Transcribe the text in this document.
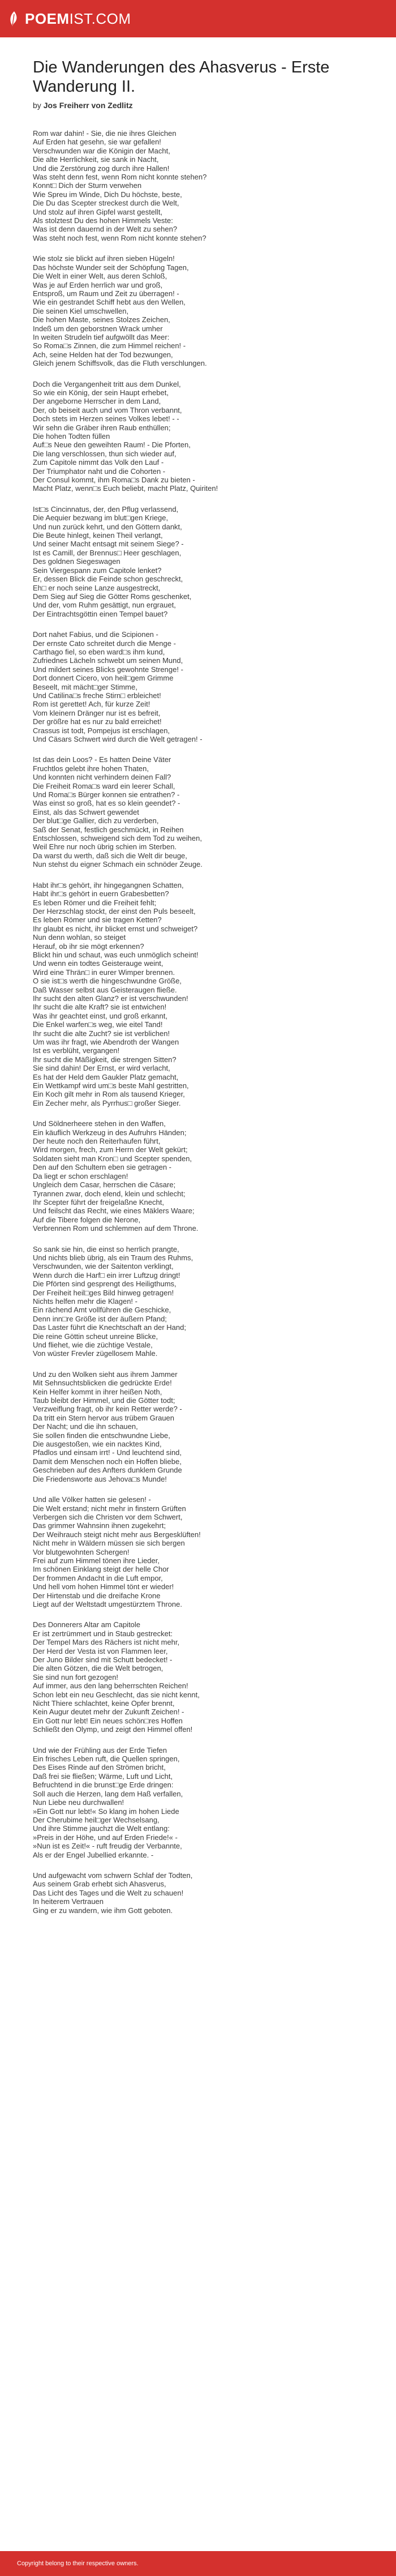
POEMIST.COM
Die Wanderungen des Ahasverus - Erste Wanderung II.

by Jos Freiherr von Zedlitz

Rom war dahin! - Sie, die nie ihres Gleichen
Auf Erden hat gesehn, sie war gefallen!
Verschwunden war die Königin der Macht,
Die alte Herrlichkeit, sie sank in Nacht,
Und die Zerstörung zog durch ihre Hallen!
Was steht denn fest, wenn Rom nicht konnte stehen?
Konnt□ Dich der Sturm verwehen
Wie Spreu im Winde, Dich Du höchste, beste,
Die Du das Scepter streckest durch die Welt,
Und stolz auf ihren Gipfel warst gestellt,
Als stolztest Du des hohen Himmels Veste:
Was ist denn dauernd in der Welt zu sehen?
Was steht noch fest, wenn Rom nicht konnte stehen?
Wie stolz sie blickt auf ihren sieben Hügeln!
Das höchste Wunder seit der Schöpfung Tagen,
Die Welt in einer Welt, aus deren Schloß,
Was je auf Erden herrlich war und groß,
Entsproß, um Raum und Zeit zu überragen! -
Wie ein gestrandet Schiff hebt aus den Wellen,
Die seinen Kiel umschwellen,
Die hohen Maste, seines Stolzes Zeichen,
Indeß um den geborstnen Wrack umher
In weiten Strudeln tief aufgwöllt das Meer:
So Roma□s Zinnen, die zum Himmel reichen! -
Ach, seine Helden hat der Tod bezwungen,
Gleich jenem Schiffsvolk, das die Fluth verschlungen.
Doch die Vergangenheit tritt aus dem Dunkel,
So wie ein König, der sein Haupt erhebet,
Der angeborne Herrscher in dem Land,
Der, ob beiseit auch und vom Thron verbannt,
Doch stets im Herzen seines Volkes lebet! - -
Wir sehn die Gräber ihren Raub enthüllen;
Die hohen Todten füllen
Auf□s Neue den geweihten Raum! - Die Pforten,
Die lang verschlossen, thun sich wieder auf,
Zum Capitole nimmt das Volk den Lauf -
Der Triumphator naht und die Cohorten -
Der Consul kommt, ihm Roma□s Dank zu bieten -
Macht Platz, wenn□s Euch beliebt, macht Platz, Quiriten!
Ist□s Cincinnatus, der, den Pflug verlassend,
Die Aequier bezwang im blut□gen Kriege,
Und nun zurück kehrt, und den Göttern dankt,
Die Beute hinlegt, keinen Theil verlangt,
Und seiner Macht entsagt mit seinem Siege? -
Ist es Camill, der Brennus□ Heer geschlagen,
Des goldnen Siegeswagen
Sein Viergespann zum Capitole lenket?
Er, dessen Blick die Feinde schon geschreckt,
Eh□ er noch seine Lanze ausgestreckt,
Dem Sieg auf Sieg die Götter Roms geschenket,
Und der, vom Ruhm gesättigt, nun ergrauet,
Der Eintrachtsgöttin einen Tempel bauet?
Dort nahet Fabius, und die Scipionen -
Der ernste Cato schreitet durch die Menge -
Carthago fiel, so eben ward□s ihm kund,
Zufriednes Lächeln schwebt um seinen Mund,
Und mildert seines Blicks gewohnte Strenge! -
Dort donnert Cicero, von heil□gem Grimme
Beseelt, mit mächt□ger Stimme,
Und Catilina□s freche Stirn□ erbleichet!
Rom ist gerettet! Ach, für kurze Zeit!
Vom kleinern Dränger nur ist es befreit,
Der größre hat es nur zu bald erreichet!
Crassus ist todt, Pompejus ist erschlagen,
Und Cäsars Schwert wird durch die Welt getragen! -
Ist das dein Loos? - Es hatten Deine Väter
Fruchtlos gelebt ihre hohen Thaten,
Und konnten nicht verhindern deinen Fall?
Die Freiheit Roma□s ward ein leerer Schall,
Und Roma□s Bürger konnen sie entrathen? -
Was einst so groß, hat es so klein geendet? -
Einst, als das Schwert gewendet
Der blut□ge Gallier, dich zu verderben,
Saß der Senat, festlich geschmückt, in Reihen
Entschlossen, schweigend sich dem Tod zu weihen,
Weil Ehre nur noch übrig schien im Sterben.
Da warst du werth, daß sich die Welt dir beuge,
Nun stehst du eigner Schmach ein schnöder Zeuge.
Habt ihr□s gehört, ihr hingegangnen Schatten,
Habt ihr□s gehört in euern Grabesbetten?
Es leben Römer und die Freiheit fehlt;
Der Herzschlag stockt, der einst den Puls beseelt,
Es leben Römer und sie tragen Ketten?
Ihr glaubt es nicht, ihr blicket ernst und schweiget?
Nun denn wohlan, so steiget
Herauf, ob ihr sie mögt erkennen?
Blickt hin und schaut, was euch unmöglich scheint!
Und wenn ein todtes Geisterauge weint,
Wird eine Thrän□ in eurer Wimper brennen.
O sie ist□s werth die hingeschwundne Größe,
Daß Wasser selbst aus Geisteraugen fließe.
Ihr sucht den alten Glanz? er ist verschwunden!
Ihr sucht die alte Kraft? sie ist entwichen!
Was ihr geachtet einst, und groß erkannt,
Die Enkel warfen□s weg, wie eitel Tand!
Ihr sucht die alte Zucht? sie ist verblichen!
Um was ihr fragt, wie Abendroth der Wangen
Ist es verblüht, vergangen!
Ihr sucht die Mäßigkeit, die strengen Sitten?
Sie sind dahin! Der Ernst, er wird verlacht,
Es hat der Held dem Gaukler Platz gemacht,
Ein Wettkampf wird um□s beste Mahl gestritten,
Ein Koch gilt mehr in Rom als tausend Krieger,
Ein Zecher mehr, als Pyrrhus□ großer Sieger.
Und Söldnerheere stehen in den Waffen,
Ein käuflich Werkzeug in des Aufruhrs Händen;
Der heute noch den Reiterhaufen führt,
Wird morgen, frech, zum Herrn der Welt gekürt;
Soldaten sieht man Kron□ und Scepter spenden,
Den auf den Schultern eben sie getragen -
Da liegt er schon erschlagen!
Ungleich dem Casar, herrschen die Cäsare;
Tyrannen zwar, doch elend, klein und schlecht;
Ihr Scepter führt der freigelaßne Knecht,
Und feilscht das Recht, wie eines Mäklers Waare;
Auf die Tibere folgen die Nerone,
Verbrennen Rom und schlemmen auf dem Throne.
So sank sie hin, die einst so herrlich prangte,
Und nichts blieb übrig, als ein Traum des Ruhms,
Verschwunden, wie der Saitenton verklingt,
Wenn durch die Harf□ ein irrer Luftzug dringt!
Die Pförten sind gesprengt des Heiligthums,
Der Freiheit heil□ges Bild hinweg getragen!
Nichts helfen mehr die Klagen! -
Ein rächend Amt vollführen die Geschicke,
Denn inn□re Größe ist der äußern Pfand;
Das Laster führt die Knechtschaft an der Hand;
Die reine Göttin scheut unreine Blicke,
Und fliehet, wie die züchtige Vestale,
Von wüster Frevler zügellosem Mahle.
Und zu den Wolken sieht aus ihrem Jammer
Mit Sehnsuchtsblicken die gedrückte Erde!
Kein Helfer kommt in ihrer heißen Noth,
Taub bleibt der Himmel, und die Götter todt;
Verzweiflung fragt, ob ihr kein Retter werde? -
Da tritt ein Stern hervor aus trübem Grauen
Der Nacht; und die ihn schauen,
Sie sollen finden die entschwundne Liebe,
Die ausgestoßen, wie ein nacktes Kind,
Pfadlos und einsam irrt! - Und leuchtend sind,
Damit dem Menschen noch ein Hoffen bliebe,
Geschrieben auf des Anfters dunklem Grunde
Die Friedensworte aus Jehova□s Munde!
Und alle Völker hatten sie gelesen! -
Die Welt erstand; nicht mehr in finstern Grüften
Verbergen sich die Christen vor dem Schwert,
Das grimmer Wahnsinn ihnen zugekehrt;
Der Weihrauch steigt nicht mehr aus Bergesklüften!
Nicht mehr in Wäldern müssen sie sich bergen
Vor blutgewohnten Schergen!
Frei auf zum Himmel tönen ihre Lieder,
Im schönen Einklang steigt der helle Chor
Der frommen Andacht in die Luft empor,
Und hell vom hohen Himmel tönt er wieder!
Der Hirtenstab und die dreifache Krone
Liegt auf der Weltstadt umgestürztem Throne.
Des Donnerers Altar am Capitole
Er ist zertrümmert und in Staub gestrecket:
Der Tempel Mars des Rächers ist nicht mehr,
Der Herd der Vesta ist von Flammen leer,
Der Juno Bilder sind mit Schutt bedecket! -
Die alten Götzen, die die Welt betrogen,
Sie sind nun fort gezogen!
Auf immer, aus den lang beherrschten Reichen!
Schon lebt ein neu Geschlecht, das sie nicht kennt,
Nicht Thiere schlachtet, keine Opfer brennt,
Kein Augur deutet mehr der Zukunft Zeichen! -
Ein Gott nur lebt! Ein neues schön□res Hoffen
Schließt den Olymp, und zeigt den Himmel offen!
Und wie der Frühling aus der Erde Tiefen
Ein frisches Leben ruft, die Quellen springen,
Des Eises Rinde auf den Strömen bricht,
Daß frei sie fließen; Wärme, Luft und Licht,
Befruchtend in die brunst□ge Erde dringen:
Soll auch die Herzen, lang dem Haß verfallen,
Nun Liebe neu durchwallen!
»Ein Gott nur lebt!« So klang im hohen Liede
Der Cherubime heil□ger Wechselsang,
Und ihre Stimme jauchzt die Welt entlang:
»Preis in der Höhe, und auf Erden Friede!« -
»Nun ist es Zeit!« - ruft freudig der Verbannte,
Als er der Engel Jubellied erkannte. -
Und aufgewacht vom schwern Schlaf der Todten,
Aus seinem Grab erhebt sich Ahasverus,
Das Licht des Tages und die Welt zu schauen!
In heiterem Vertrauen
Ging er zu wandern, wie ihm Gott geboten.
Copyright belong to their respective owners.
